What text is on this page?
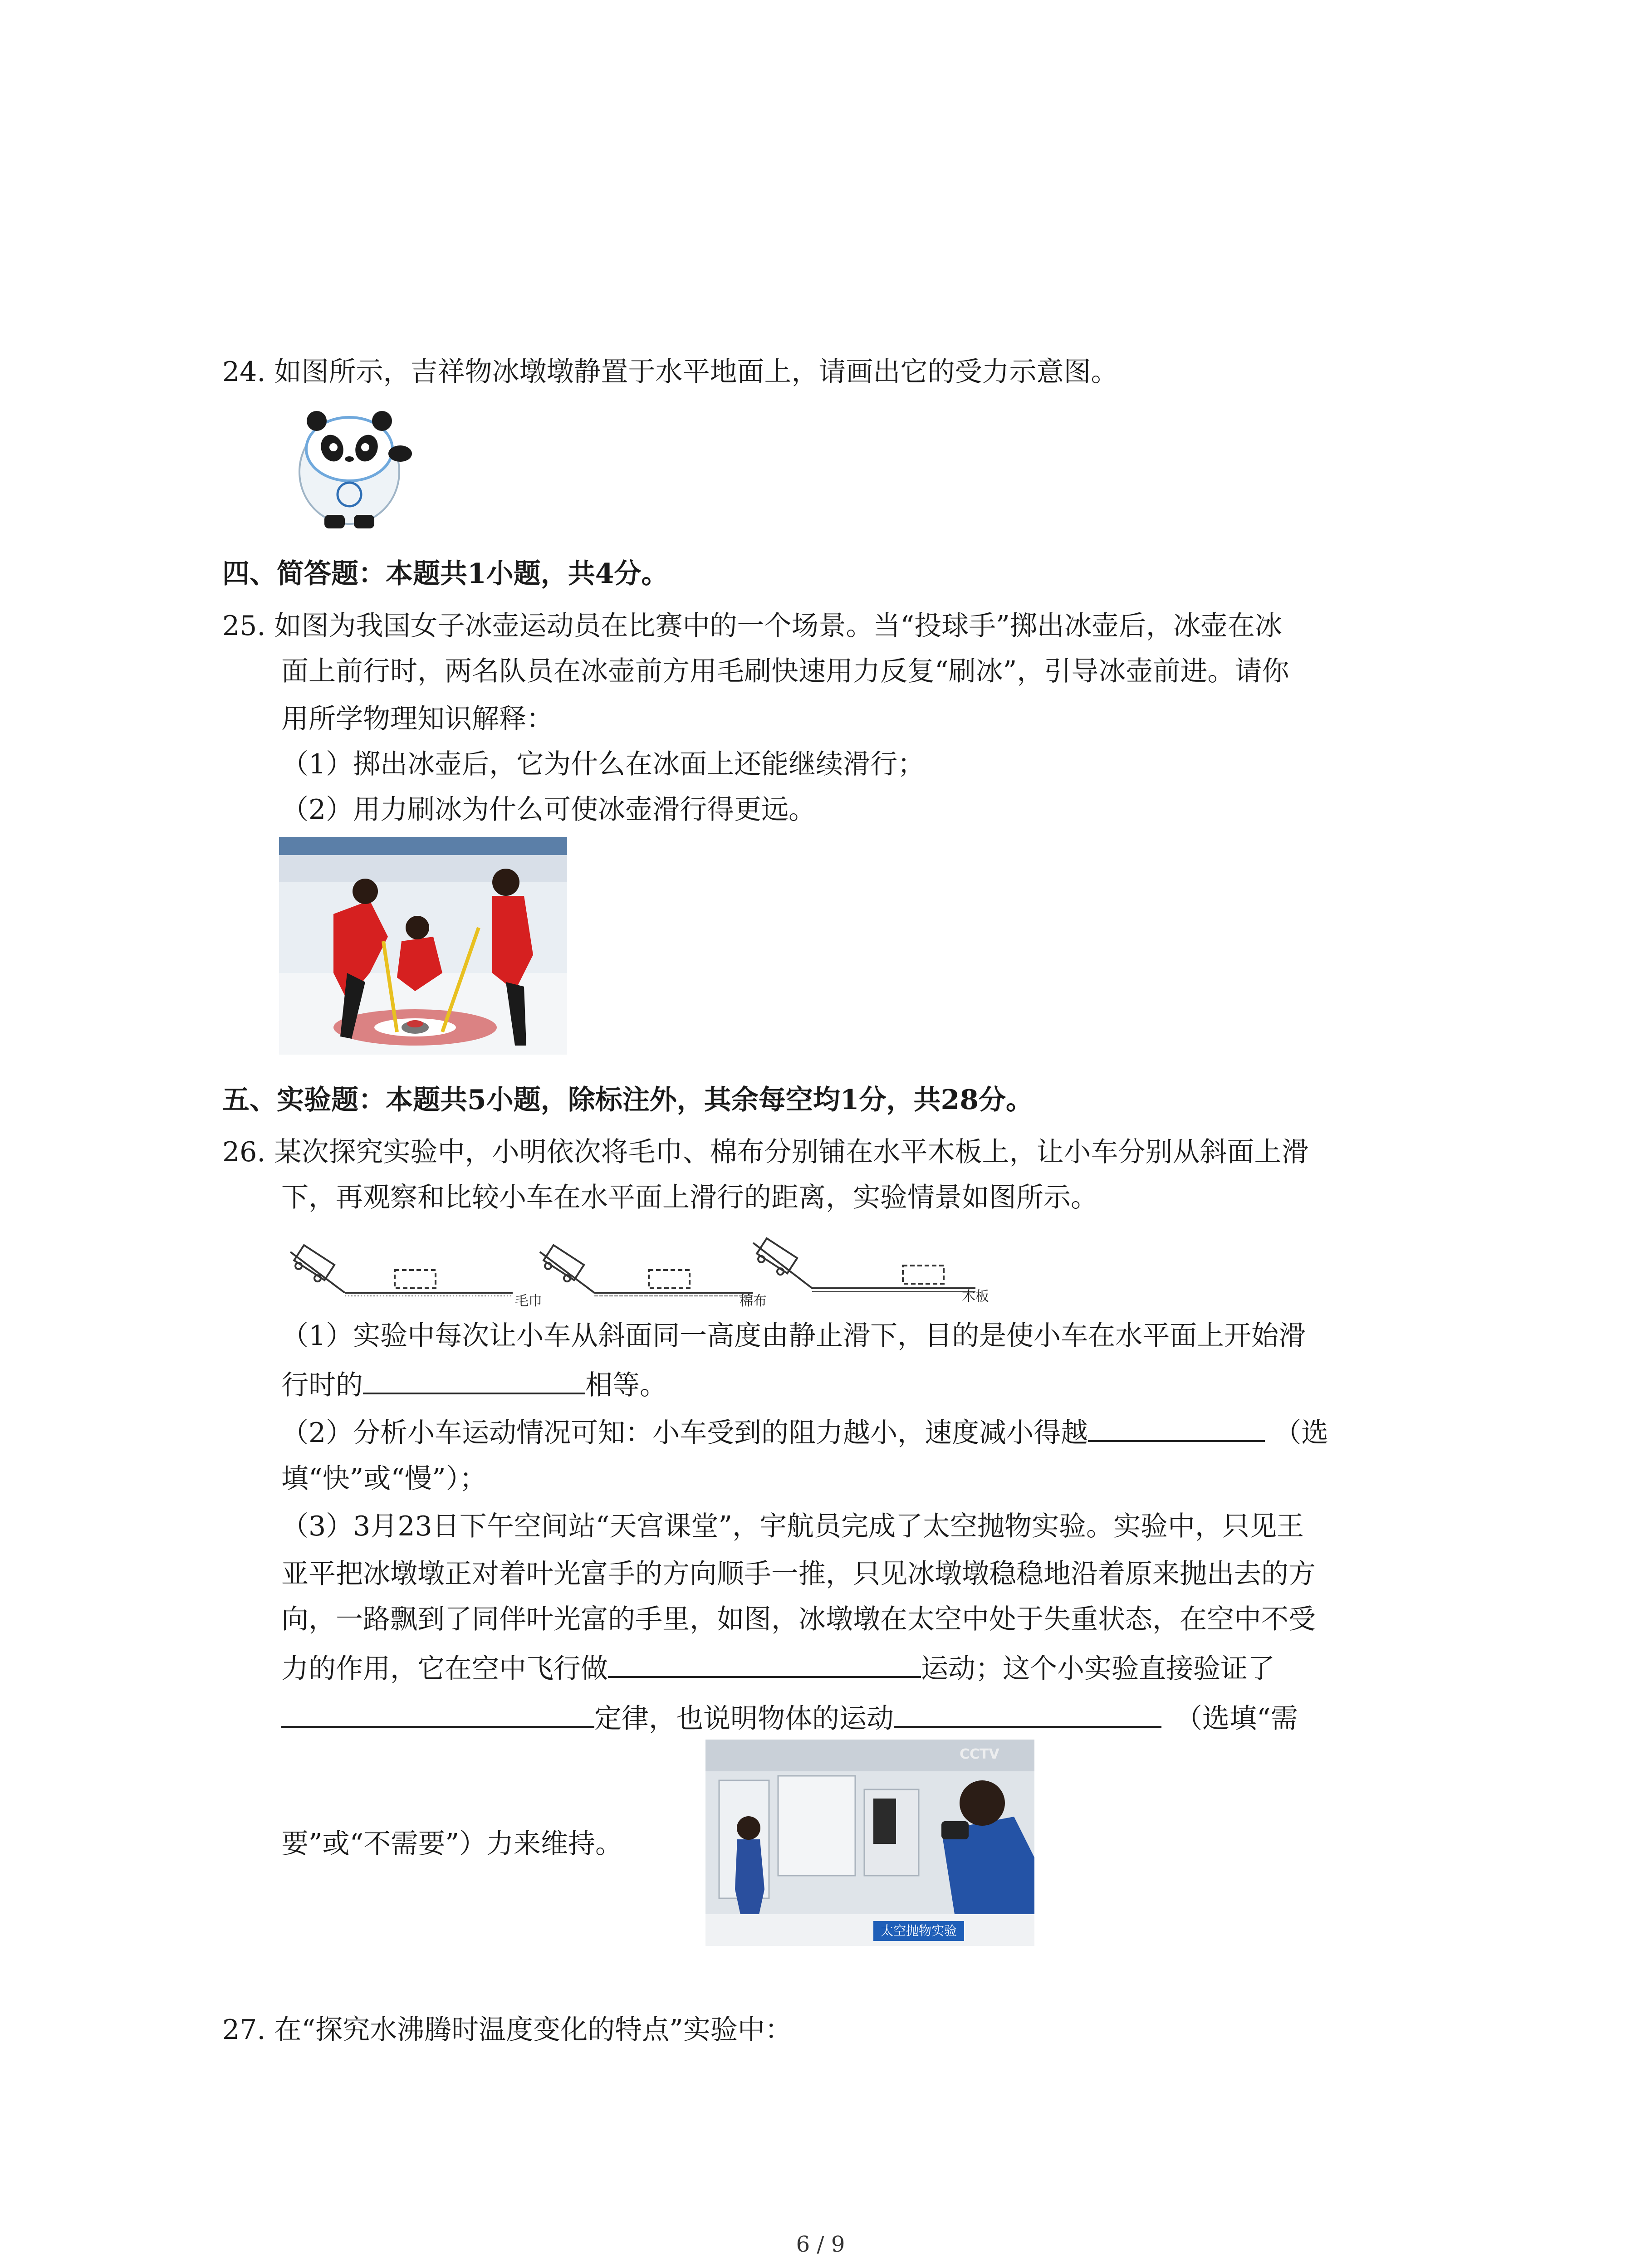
24. 如图所示，吉祥物冰墩墩静置于水平地面上，请画出它的受力示意图。
四、简答题：本题共1小题，共4分。
25. 如图为我国女子冰壶运动员在比赛中的一个场景。当“投球手”掷出冰壶后，冰壶在冰
面上前行时，两名队员在冰壶前方用毛刷快速用力反复“刷冰”，引导冰壶前进。请你
用所学物理知识解释：
（1）掷出冰壶后，它为什么在冰面上还能继续滑行；
（2）用力刷冰为什么可使冰壶滑行得更远。
五、实验题：本题共5小题，除标注外，其余每空均1分，共28分。
26. 某次探究实验中，小明依次将毛巾、棉布分别铺在水平木板上，让小车分别从斜面上滑
下，再观察和比较小车在水平面上滑行的距离，实验情景如图所示。
毛巾	棉布	木板
（1）实验中每次让小车从斜面同一高度由静止滑下，目的是使小车在水平面上开始滑
行时的	相等。
（2）分析小车运动情况可知：小车受到的阻力越小，速度减小得越	（选
填“快”或“慢”）；
（3）3月23日下午空间站“天宫课堂”，宇航员完成了太空抛物实验。实验中，只见王
亚平把冰墩墩正对着叶光富手的方向顺手一推，只见冰墩墩稳稳地沿着原来抛出去的方
向，一路飘到了同伴叶光富的手里，如图，冰墩墩在太空中处于失重状态，在空中不受
力的作用，它在空中飞行做	运动；这个小实验直接验证了
定律，也说明物体的运动	（选填“需
要”或“不需要”）力来维持。
太空抛物实验
CCTV
27. 在“探究水沸腾时温度变化的特点”实验中：
6 / 9
